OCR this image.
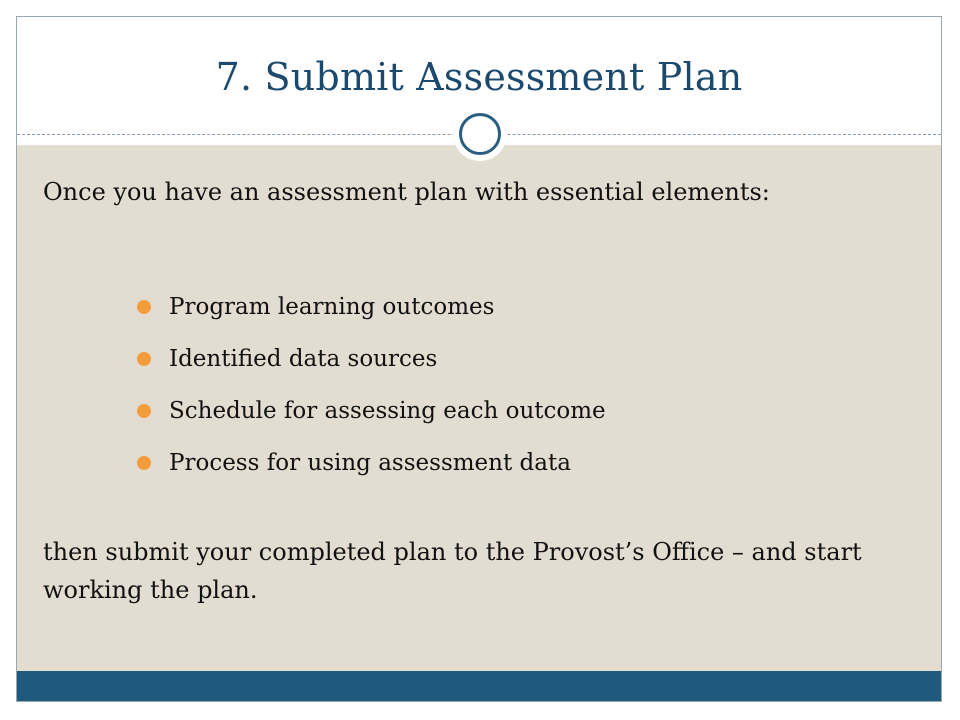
7. Submit Assessment Plan

Once you have an assessment plan with essential elements:

Program learning outcomes
Identified data sources
Schedule for assessing each outcome
Process for using assessment data

then submit your completed plan to the Provost’s Office – and start working the plan.
